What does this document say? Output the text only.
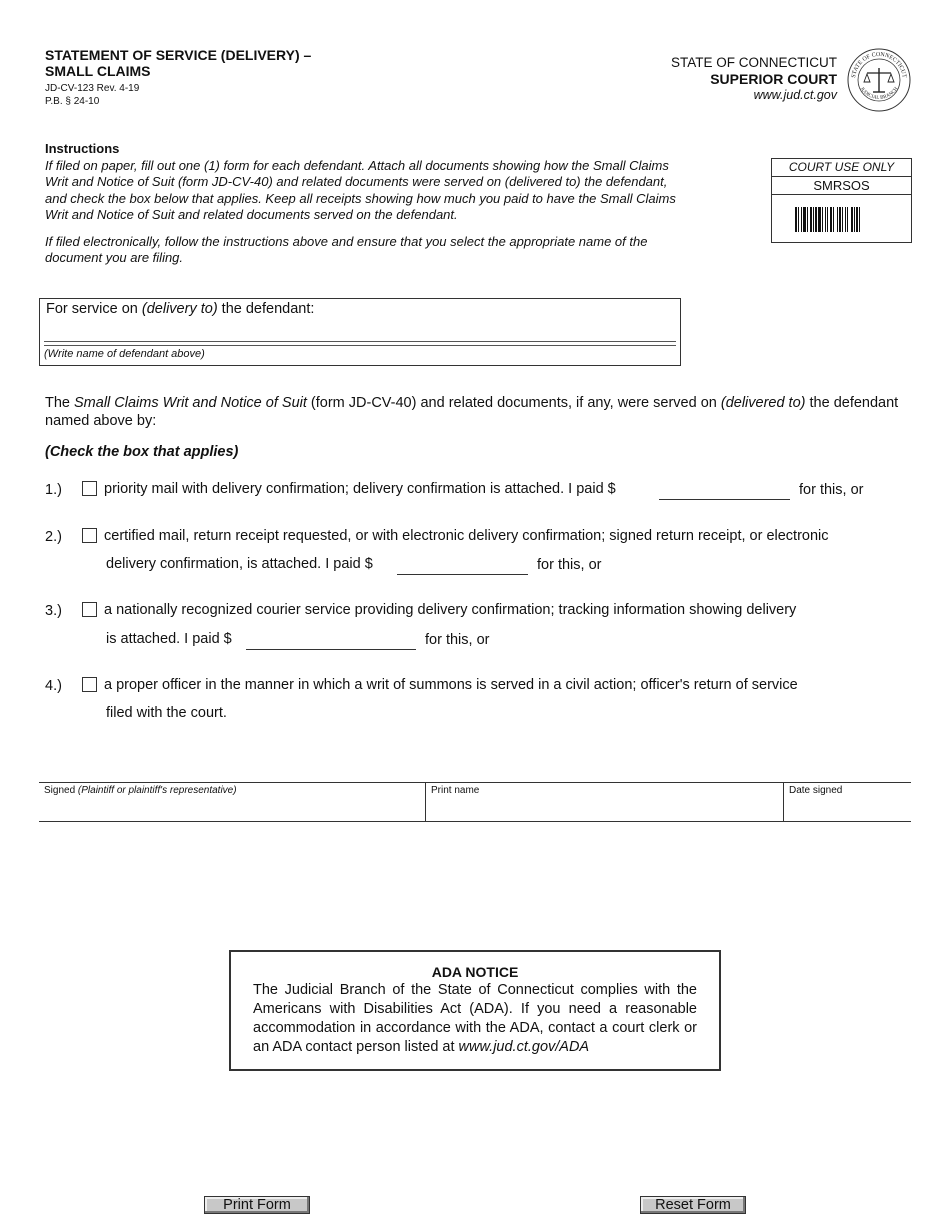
STATEMENT OF SERVICE (DELIVERY) –
SMALL CLAIMS
JD-CV-123 Rev. 4-19
P.B. § 24-10
STATE OF CONNECTICUT
SUPERIOR COURT
www.jud.ct.gov
STATE OF CONNECTICUT
JUDICIAL BRANCH
Instructions

If filed on paper, fill out one (1) form for each defendant. Attach all documents showing how the Small Claims Writ and Notice of Suit (form JD-CV-40) and related documents were served on (delivered to) the defendant, and check the box below that applies. Keep all receipts showing how much you paid to have the Small Claims Writ and Notice of Suit and related documents served on the defendant.

If filed electronically, follow the instructions above and ensure that you select the appropriate name of the document you are filing.

COURT USE ONLY
SMRSOS
For service on (delivery to) the defendant:
(Write name of defendant above)
The Small Claims Writ and Notice of Suit (form JD-CV-40) and related documents, if any, were served on (delivered to) the defendant named above by:
(Check the box that applies)
1.)	priority mail with delivery confirmation; delivery confirmation is attached. I paid $	for this, or
2.)	certified mail, return receipt requested, or with electronic delivery confirmation; signed return receipt, or electronic
delivery confirmation, is attached. I paid $	for this, or
3.)	a nationally recognized courier service providing delivery confirmation; tracking information showing delivery
is attached. I paid $	for this, or
4.)	a proper officer in the manner in which a writ of summons is served in a civil action; officer's return of service
filed with the court.
Signed (Plaintiff or plaintiff's representative)	Print name	Date signed
ADA NOTICE
The Judicial Branch of the State of Connecticut complies with the Americans with Disabilities Act (ADA). If you need a reasonable accommodation in accordance with the ADA, contact a court clerk or an ADA contact person listed at www.jud.ct.gov/ADA
Print Form	Reset Form
